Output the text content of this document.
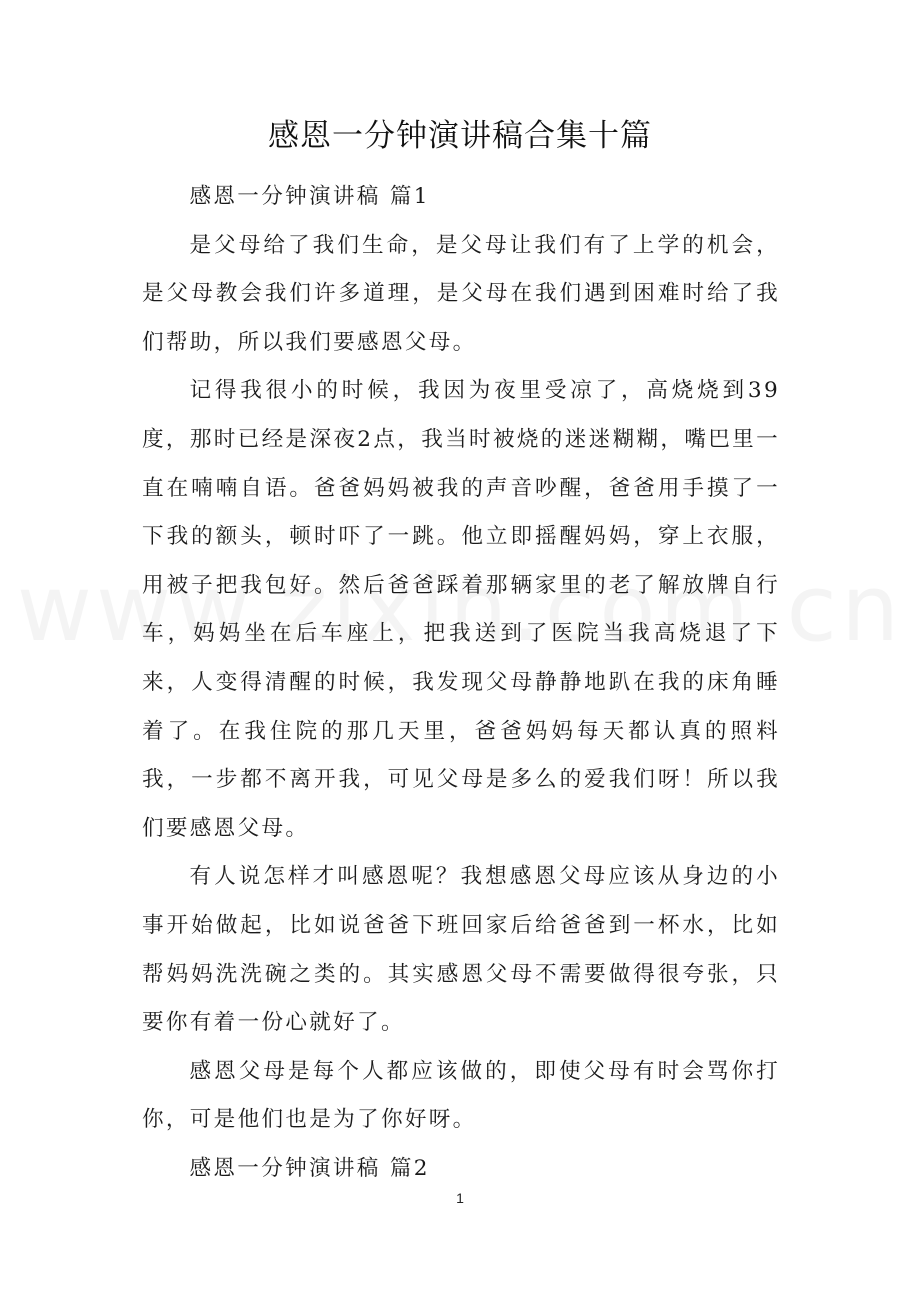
感恩一分钟演讲稿合集十篇

感恩一分钟演讲稿 篇1

是父母给了我们生命，是父母让我们有了上学的机会，是父母教会我们许多道理，是父母在我们遇到困难时给了我们帮助，所以我们要感恩父母。

记得我很小的时候，我因为夜里受凉了，高烧烧到39度，那时已经是深夜2点，我当时被烧的迷迷糊糊，嘴巴里一直在喃喃自语。爸爸妈妈被我的声音吵醒，爸爸用手摸了一下我的额头，顿时吓了一跳。他立即摇醒妈妈，穿上衣服，用被子把我包好。然后爸爸踩着那辆家里的老了解放牌自行车，妈妈坐在后车座上，把我送到了医院当我高烧退了下来，人变得清醒的时候，我发现父母静静地趴在我的床角睡着了。在我住院的那几天里，爸爸妈妈每天都认真的照料我，一步都不离开我，可见父母是多么的爱我们呀！所以我们要感恩父母。

有人说怎样才叫感恩呢？我想感恩父母应该从身边的小事开始做起，比如说爸爸下班回家后给爸爸到一杯水，比如帮妈妈洗洗碗之类的。其实感恩父母不需要做得很夸张，只要你有着一份心就好了。

感恩父母是每个人都应该做的，即使父母有时会骂你打你，可是他们也是为了你好呀。

感恩一分钟演讲稿 篇2

1
